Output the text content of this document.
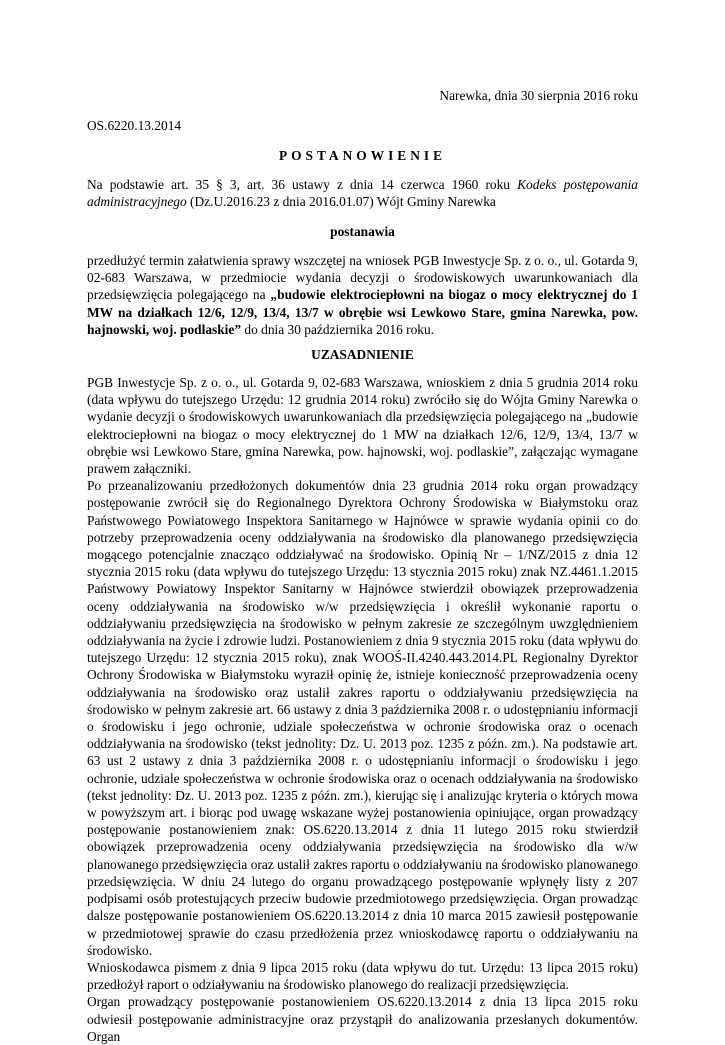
Narewka, dnia 30 sierpnia 2016 roku
OS.6220.13.2014
POSTANOWIENIE

Na podstawie art. 35 § 3, art. 36 ustawy z dnia 14 czerwca 1960 roku Kodeks postępowania administracyjnego (Dz.U.2016.23 z dnia 2016.01.07) Wójt Gminy Narewka

postanawia

przedłużyć termin załatwienia sprawy wszczętej na wniosek PGB Inwestycje Sp. z o. o., ul. Gotarda 9, 02-683 Warszawa, w przedmiocie wydania decyzji o środowiskowych uwarunkowaniach dla przedsięwzięcia polegającego na „budowie elektrociepłowni na biogaz o mocy elektrycznej do 1 MW na działkach 12/6, 12/9, 13/4, 13/7 w obrębie wsi Lewkowo Stare, gmina Narewka, pow. hajnowski, woj. podlaskie” do dnia 30 października 2016 roku.

UZASADNIENIE

PGB Inwestycje Sp. z o. o., ul. Gotarda 9, 02-683 Warszawa, wnioskiem z dnia 5 grudnia 2014 roku (data wpływu do tutejszego Urzędu: 12 grudnia 2014 roku) zwróciło się do Wójta Gminy Narewka o wydanie decyzji o środowiskowych uwarunkowaniach dla przedsięwzięcia polegającego na „budowie elektrociepłowni na biogaz o mocy elektrycznej do 1 MW na działkach 12/6, 12/9, 13/4, 13/7 w obrębie wsi Lewkowo Stare, gmina Narewka, pow. hajnowski, woj. podlaskie”, załączając wymagane prawem załączniki.

Po przeanalizowaniu przedłożonych dokumentów dnia 23 grudnia 2014 roku organ prowadzący postępowanie zwrócił się do Regionalnego Dyrektora Ochrony Środowiska w Białymstoku oraz Państwowego Powiatowego Inspektora Sanitarnego w Hajnówce w sprawie wydania opinii co do potrzeby przeprowadzenia oceny oddziaływania na środowisko dla planowanego przedsięwzięcia mogącego potencjalnie znacząco oddziaływać na środowisko. Opinią Nr – 1/NZ/2015 z dnia 12 stycznia 2015 roku (data wpływu do tutejszego Urzędu: 13 stycznia 2015 roku) znak NZ.4461.1.2015 Państwowy Powiatowy Inspektor Sanitarny w Hajnówce stwierdził obowiązek przeprowadzenia oceny oddziaływania na środowisko w/w przedsięwzięcia i określił wykonanie raportu o oddziaływaniu przedsięwzięcia na środowisko w pełnym zakresie ze szczególnym uwzględnieniem oddziaływania na życie i zdrowie ludzi. Postanowieniem z dnia 9 stycznia 2015 roku (data wpływu do tutejszego Urzędu: 12 stycznia 2015 roku), znak WOOŚ-II.4240.443.2014.PL Regionalny Dyrektor Ochrony Środowiska w Białymstoku wyraził opinię że, istnieje konieczność przeprowadzenia oceny oddziaływania na środowisko oraz ustalił zakres raportu o oddziaływaniu przedsięwzięcia na środowisko w pełnym zakresie art. 66 ustawy z dnia 3 października 2008 r. o udostępnianiu informacji o środowisku i jego ochronie, udziale społeczeństwa w ochronie środowiska oraz o ocenach oddziaływania na środowisko (tekst jednolity: Dz. U. 2013 poz. 1235 z późn. zm.). Na podstawie art. 63 ust 2 ustawy z dnia 3 października 2008 r. o udostępnianiu informacji o środowisku i jego ochronie, udziale społeczeństwa w ochronie środowiska oraz o ocenach oddziaływania na środowisko (tekst jednolity: Dz. U. 2013 poz. 1235 z późn. zm.), kierując się i analizując kryteria o których mowa w powyższym art. i biorąc pod uwagę wskazane wyżej postanowienia opiniujące, organ prowadzący postępowanie postanowieniem znak: OS.6220.13.2014 z dnia 11 lutego 2015 roku stwierdził obowiązek przeprowadzenia oceny oddziaływania przedsięwzięcia na środowisko dla w/w planowanego przedsięwzięcia oraz ustalił zakres raportu o oddziaływaniu na środowisko planowanego przedsięwzięcia. W dniu 24 lutego do organu prowadzącego postępowanie wpłynęły listy z 207 podpisami osób protestujących przeciw budowie przedmiotowego przedsięwzięcia. Organ prowadząc dalsze postępowanie postanowieniem OS.6220.13.2014 z dnia 10 marca 2015 zawiesił postępowanie w przedmiotowej sprawie do czasu przedłożenia przez wnioskodawcę raportu o oddziaływaniu na środowisko.

Wnioskodawca pismem z dnia 9 lipca 2015 roku (data wpływu do tut. Urzędu: 13 lipca 2015 roku) przedłożył raport o odziaływaniu na środowisko planowego do realizacji przedsięwzięcia.

Organ prowadzący postępowanie postanowieniem OS.6220.13.2014 z dnia 13 lipca 2015 roku odwiesił postępowanie administracyjne oraz przystąpił do analizowania przesłanych dokumentów. Organ
